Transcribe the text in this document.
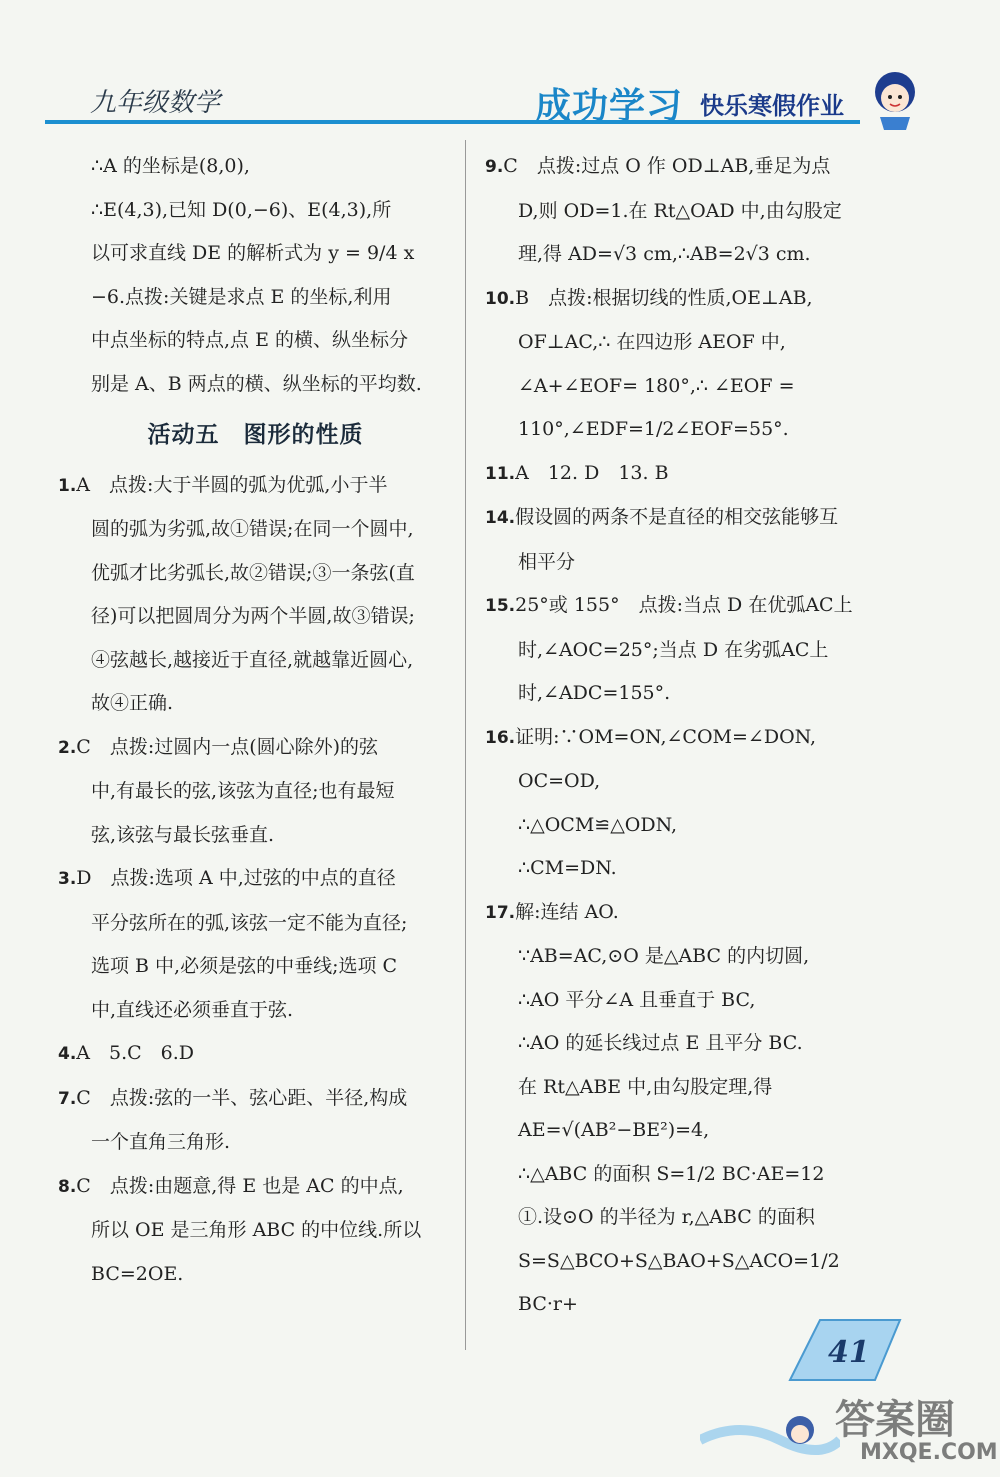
九年级数学	成功学习 快乐寒假作业
∴A 的坐标是(8,0),
∴E(4,3),已知 D(0,−6)、E(4,3),所
以可求直线 DE 的解析式为 y = 9/4 x
−6.点拨:关键是求点 E 的坐标,利用
中点坐标的特点,点 E 的横、纵坐标分
别是 A、B 两点的横、纵坐标的平均数.
活动五　图形的性质
1.A　点拨:大于半圆的弧为优弧,小于半
圆的弧为劣弧,故①错误;在同一个圆中,
优弧才比劣弧长,故②错误;③一条弦(直
径)可以把圆周分为两个半圆,故③错误;
④弦越长,越接近于直径,就越靠近圆心,
故④正确.
2.C　点拨:过圆内一点(圆心除外)的弦
中,有最长的弦,该弦为直径;也有最短
弦,该弦与最长弦垂直.
3.D　点拨:选项 A 中,过弦的中点的直径
平分弦所在的弧,该弦一定不能为直径;
选项 B 中,必须是弦的中垂线;选项 C
中,直线还必须垂直于弦.
4.A　5.C　6.D
7.C　点拨:弦的一半、弦心距、半径,构成
一个直角三角形.
8.C　点拨:由题意,得 E 也是 AC 的中点,
所以 OE 是三角形 ABC 的中位线.所以
BC=2OE.
9.C　点拨:过点 O 作 OD⊥AB,垂足为点
D,则 OD=1.在 Rt△OAD 中,由勾股定
理,得 AD=√3 cm,∴AB=2√3 cm.
10.B　点拨:根据切线的性质,OE⊥AB,
OF⊥AC,∴ 在四边形 AEOF 中,
∠A+∠EOF= 180°,∴ ∠EOF =
110°,∠EDF=1/2∠EOF=55°.
11.A　12. D　13. B
14.假设圆的两条不是直径的相交弦能够互
相平分
15.25°或 155°　点拨:当点 D 在优弧AC上
时,∠AOC=25°;当点 D 在劣弧AC上
时,∠ADC=155°.
16.证明:∵OM=ON,∠COM=∠DON,
OC=OD,
∴△OCM≌△ODN,
∴CM=DN.
17.解:连结 AO.
∵AB=AC,⊙O 是△ABC 的内切圆,
∴AO 平分∠A 且垂直于 BC,
∴AO 的延长线过点 E 且平分 BC.
在 Rt△ABE 中,由勾股定理,得
AE=√(AB²−BE²)=4,
∴△ABC 的面积 S=1/2 BC·AE=12
①.设⊙O 的半径为 r,△ABC 的面积
S=S△BCO+S△BAO+S△ACO=1/2 BC·r+
41
答案圈
MXQE.COM
